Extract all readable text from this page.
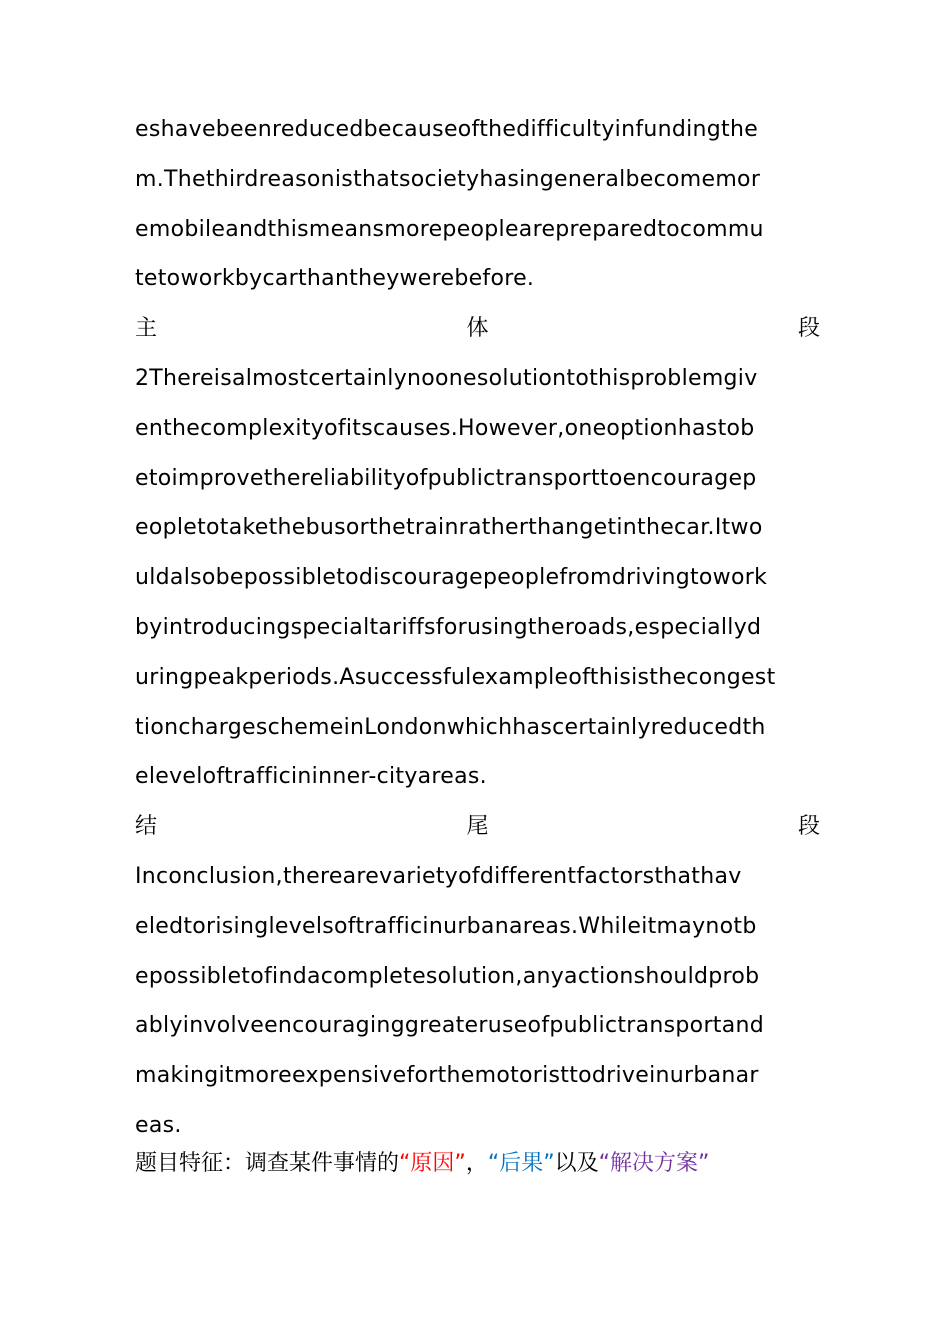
eshavebeenreducedbecauseofthedifficultyinfundingthe
m.Thethirdreasonisthatsocietyhasingeneralbecomemor
emobileandthismeansmorepeoplearepreparedtocommu
tetoworkbycarthantheywerebefore.
主	体	段
2Thereisalmostcertainlynoonesolutiontothisproblemgiv
enthecomplexityofitscauses.However,oneoptionhastob
etoimprovethereliabilityofpublictransporttoencouragep
eopletotakethebusorthetrainratherthangetinthecar.Itwo
uldalsobepossibletodiscouragepeoplefromdrivingtowork
byintroducingspecialtariffsforusingtheroads,especiallyd
uringpeakperiods.Asuccessfulexampleofthisisthecongest
tionchargeschemeinLondonwhichhascertainlyreducedth
eleveloftrafficininner-cityareas.
结	尾	段
Inconclusion,therearevarietyofdifferentfactorsthathav
eledtorisinglevelsoftrafficinurbanareas.Whileitmaynotb
epossibletofindacompletesolution,anyactionshouldprob
ablyinvolveencouraginggreateruseofpublictransportand
makingitmoreexpensiveforthemotoristtodriveinurbanar
eas.
题目特征：调查某件事情的“原因”，“后果”以及“解决方案”
